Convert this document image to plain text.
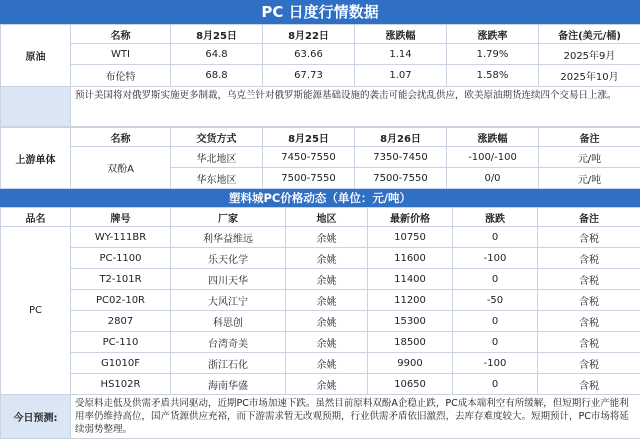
PC 日度行情数据
原油	名称	8月25日	8月22日	涨跌幅	涨跌率	备注(美元/桶)
	WTI	64.8	63.66	1.14	1.79%	2025年9月
	布伦特	68.8	67.73	1.07	1.58%	2025年10月
	预计美国将对俄罗斯实施更多制裁，乌克兰针对俄罗斯能源基础设施的袭击可能会扰乱供应，欧美原油期货连续四个交易日上涨。					
上游单体	名称	交货方式	8月25日	8月26日	涨跌幅	备注
	双酚A	华北地区	7450-7550	7350-7450	-100/-100	元/吨
		华东地区	7500-7550	7500-7550	0/0	元/吨
塑料城PC价格动态（单位：元/吨）
品名	牌号	厂家	地区	最新价格	涨跌	备注
PC	WY-111BR	利华益维远	余姚	10750	0	含税
	PC-1100	乐天化学	余姚	11600	-100	含税
	T2-101R	四川天华	余姚	11400	0	含税
	PC02-10R	大风江宁	余姚	11200	-50	含税
	2807	科思创	余姚	15300	0	含税
	PC-110	台湾奇美	余姚	18500	0	含税
	G1010F	浙江石化	余姚	9900	-100	含税
	HS102R	海南华盛	余姚	10650	0	含税
今日预测:	受原料走低及供需矛盾共同驱动，近期PC市场加速下跌。虽然目前原料双酚A企稳止跌，PC成本端利空有所缓解，但短期行业产能利用率仍维持高位，国产货源供应充裕，而下游需求暂无改观预期，行业供需矛盾依旧激烈，去库存难度较大。短期预计，PC市场将延续弱势整理。					
